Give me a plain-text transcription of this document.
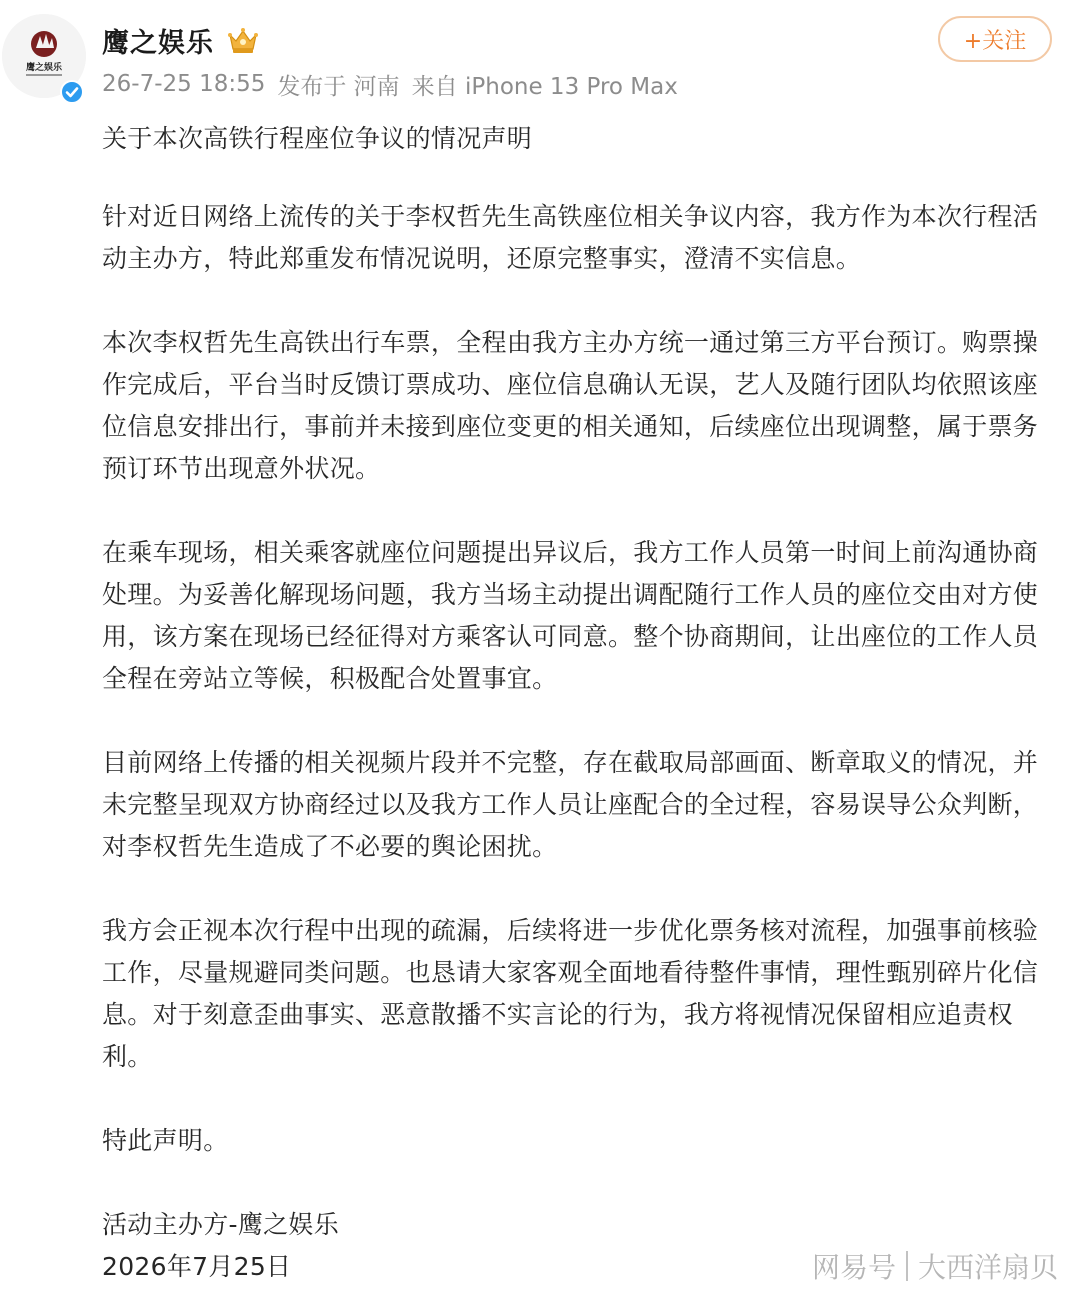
鹰之娱乐
鹰之娱乐
26-7-25 18:55 发布于 河南 来自 iPhone 13 Pro Max
+关注

关于本次高铁行程座位争议的情况声明

针对近日网络上流传的关于李权哲先生高铁座位相关争议内容，我方作为本次行程活动主办方，特此郑重发布情况说明，还原完整事实，澄清不实信息。

本次李权哲先生高铁出行车票，全程由我方主办方统一通过第三方平台预订。购票操作完成后，平台当时反馈订票成功、座位信息确认无误，艺人及随行团队均依照该座位信息安排出行，事前并未接到座位变更的相关通知，后续座位出现调整，属于票务预订环节出现意外状况。

在乘车现场，相关乘客就座位问题提出异议后，我方工作人员第一时间上前沟通协商处理。为妥善化解现场问题，我方当场主动提出调配随行工作人员的座位交由对方使用，该方案在现场已经征得对方乘客认可同意。整个协商期间，让出座位的工作人员全程在旁站立等候，积极配合处置事宜。

目前网络上传播的相关视频片段并不完整，存在截取局部画面、断章取义的情况，并未完整呈现双方协商经过以及我方工作人员让座配合的全过程，容易误导公众判断，对李权哲先生造成了不必要的舆论困扰。

我方会正视本次行程中出现的疏漏，后续将进一步优化票务核对流程，加强事前核验工作，尽量规避同类问题。也恳请大家客观全面地看待整件事情，理性甄别碎片化信息。对于刻意歪曲事实、恶意散播不实言论的行为，我方将视情况保留相应追责权利。

特此声明。

活动主办方-鹰之娱乐

2026年7月25日	网易号 大西洋扇贝
